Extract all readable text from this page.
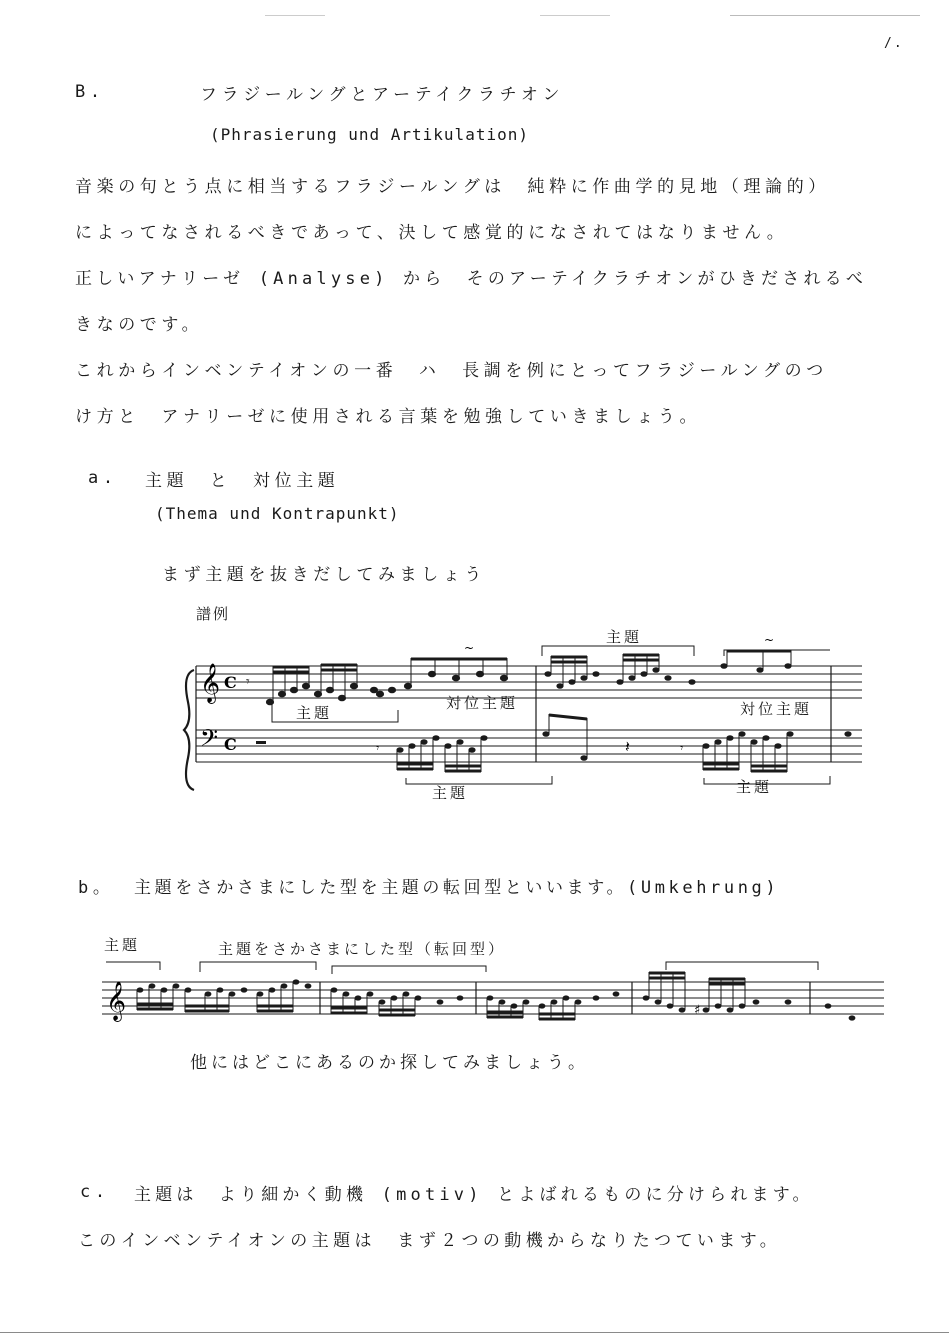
/.
B.	フラジールングとアーテイクラチオン
(Phrasierung und Artikulation)
音楽の句とう点に相当するフラジールングは　純粋に作曲学的見地（理論的）
によってなされるべきであって、決して感覚的になされてはなりません。
正しいアナリーゼ (Analyse) から　そのアーテイクラチオンがひきだされるべ
きなのです。
これからインベンテイオンの一番　ハ　長調を例にとってフラジールングのつ
け方と　アナリーゼに使用される言葉を勉強していきましょう。
a. 主題　と　対位主題
(Thema und Kontrapunkt)
まず主題を抜きだしてみましょう
譜例
𝄞
𝄢
C
C
𝄾
~
~
𝄽
𝄾	𝄾
主題
対位主題
主題
対位主題
主題	主題
b。 主題をさかさまにした型を主題の転回型といいます。(Umkehrung)
主題	主題をさかさまにした型（転回型）
𝄞	♯
他にはどこにあるのか探してみましょう。
c. 主題は　より細かく動機 (motiv) とよばれるものに分けられます。
このインベンテイオンの主題は　まず２つの動機からなりたつています。
